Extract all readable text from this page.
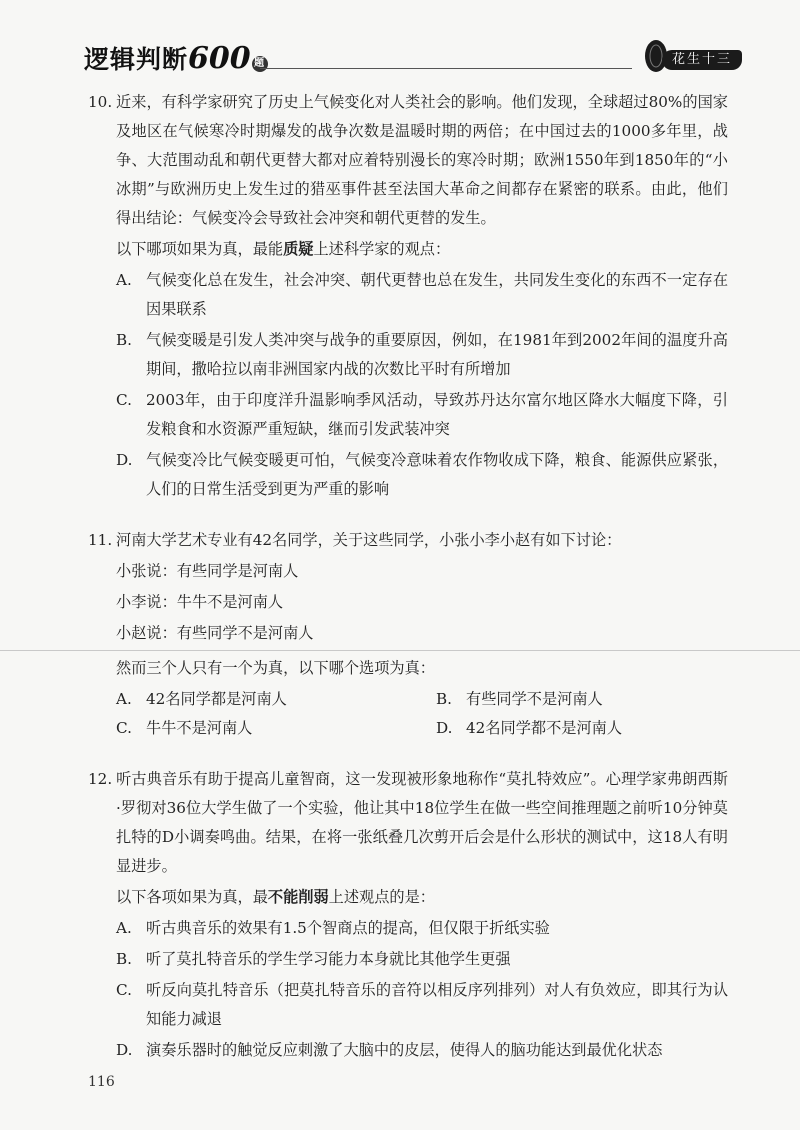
逻辑判断600 题	花生十三
10. 近来，有科学家研究了历史上气候变化对人类社会的影响。他们发现，全球超过80%的国家及地区在气候寒冷时期爆发的战争次数是温暖时期的两倍；在中国过去的1000多年里，战争、大范围动乱和朝代更替大都对应着特别漫长的寒冷时期；欧洲1550年到1850年的“小冰期”与欧洲历史上发生过的猎巫事件甚至法国大革命之间都存在紧密的联系。由此，他们得出结论：气候变冷会导致社会冲突和朝代更替的发生。
以下哪项如果为真，最能质疑上述科学家的观点：
A. 气候变化总在发生，社会冲突、朝代更替也总在发生，共同发生变化的东西不一定存在因果联系
B. 气候变暖是引发人类冲突与战争的重要原因，例如，在1981年到2002年间的温度升高期间，撒哈拉以南非洲国家内战的次数比平时有所增加
C. 2003年，由于印度洋升温影响季风活动，导致苏丹达尔富尔地区降水大幅度下降，引发粮食和水资源严重短缺，继而引发武装冲突
D. 气候变冷比气候变暖更可怕，气候变冷意味着农作物收成下降，粮食、能源供应紧张，人们的日常生活受到更为严重的影响
11. 河南大学艺术专业有42名同学，关于这些同学，小张小李小赵有如下讨论：
小张说：有些同学是河南人
小李说：牛牛不是河南人
小赵说：有些同学不是河南人
然而三个人只有一个为真，以下哪个选项为真：
A. 42名同学都是河南人	B. 有些同学不是河南人
C. 牛牛不是河南人	D. 42名同学都不是河南人
12. 听古典音乐有助于提高儿童智商，这一发现被形象地称作“莫扎特效应”。心理学家弗朗西斯·罗彻对36位大学生做了一个实验，他让其中18位学生在做一些空间推理题之前听10分钟莫扎特的D小调奏鸣曲。结果，在将一张纸叠几次剪开后会是什么形状的测试中，这18人有明显进步。
以下各项如果为真，最不能削弱上述观点的是：
A. 听古典音乐的效果有1.5个智商点的提高，但仅限于折纸实验
B. 听了莫扎特音乐的学生学习能力本身就比其他学生更强
C. 听反向莫扎特音乐（把莫扎特音乐的音符以相反序列排列）对人有负效应，即其行为认知能力减退
D. 演奏乐器时的触觉反应刺激了大脑中的皮层，使得人的脑功能达到最优化状态
116
